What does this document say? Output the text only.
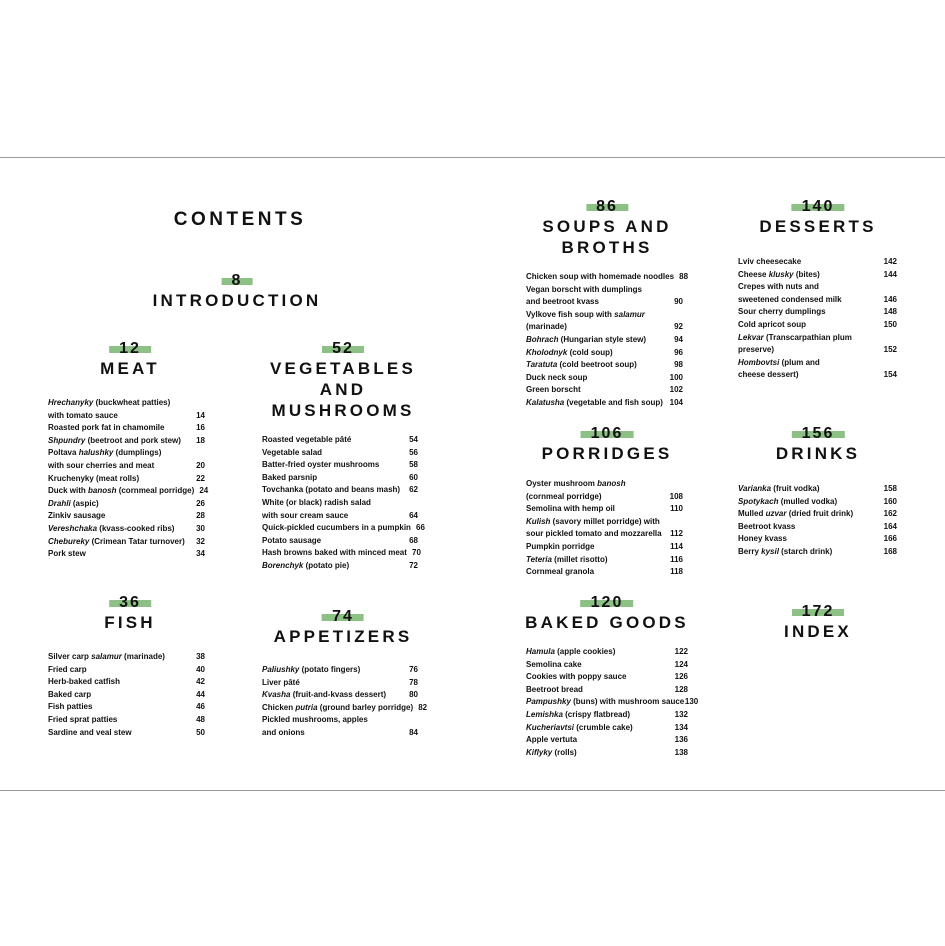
CONTENTS
8
INTRODUCTION
12
MEAT
Hrechanyky (buckwheat patties)
with tomato sauce	14
Roasted pork fat in chamomile	16
Shpundry (beetroot and pork stew)	18
Poltava halushky (dumplings)
with sour cherries and meat	20
Kruchenyky (meat rolls)	22
Duck with banosh (cornmeal porridge) 24
Drahli (aspic)	26
Zinkiv sausage	28
Vereshchaka (kvass-cooked ribs)	30
Chebureky (Crimean Tatar turnover)	32
Pork stew	34
52
VEGETABLES
AND
MUSHROOMS
Roasted vegetable pâté	54
Vegetable salad	56
Batter-fried oyster mushrooms	58
Baked parsnip	60
Tovchanka (potato and beans mash)	62
White (or black) radish salad
with sour cream sauce	64
Quick-pickled cucumbers in a pumpkin 66
Potato sausage	68
Hash browns baked with minced meat 70
Borenchyk (potato pie)	72
36
FISH
Silver carp salamur (marinade)	38
Fried carp	40
Herb-baked catfish	42
Baked carp	44
Fish patties	46
Fried sprat patties	48
Sardine and veal stew	50
74
APPETIZERS
Paliushky (potato fingers)	76
Liver pâté	78
Kvasha (fruit-and-kvass dessert)	80
Chicken putria (ground barley porridge) 82
Pickled mushrooms, apples
and onions	84
86
SOUPS AND
BROTHS
Chicken soup with homemade noodles 88
Vegan borscht with dumplings
and beetroot kvass	90
Vylkove fish soup with salamur
(marinade)	92
Bohrach (Hungarian style stew)	94
Kholodnyk (cold soup)	96
Taratuta (cold beetroot soup)	98
Duck neck soup	100
Green borscht	102
Kalatusha (vegetable and fish soup) 104
140
DESSERTS
Lviv cheesecake	142
Cheese klusky (bites)	144
Crepes with nuts and
sweetened condensed milk	146
Sour cherry dumplings	148
Cold apricot soup	150
Lekvar (Transcarpathian plum
preserve)	152
Hombovtsi (plum and
cheese dessert)	154
106
PORRIDGES
Oyster mushroom banosh
(cornmeal porridge)	108
Semolina with hemp oil	110
Kulish (savory millet porridge) with
sour pickled tomato and mozzarella 112
Pumpkin porridge	114
Teteria (millet risotto)	116
Cornmeal granola	118
156
DRINKS
Varianka (fruit vodka)	158
Spotykach (mulled vodka)	160
Mulled uzvar (dried fruit drink)	162
Beetroot kvass	164
Honey kvass	166
Berry kysil (starch drink)	168
120
BAKED GOODS
Hamula (apple cookies)	122
Semolina cake	124
Cookies with poppy sauce	126
Beetroot bread	128
Pampushky (buns) with mushroom sauce 130
Lemishka (crispy flatbread)	132
Kucheriavtsi (crumble cake)	134
Apple vertuta	136
Kiflyky (rolls)	138
172
INDEX
